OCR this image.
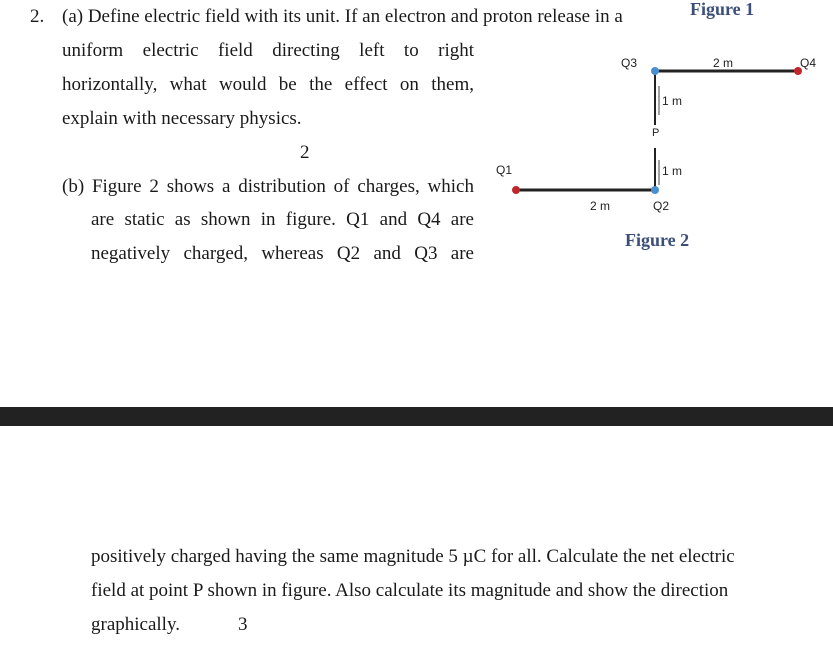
2. (a) Define electric field with its unit. If an electron and proton release in a
uniform electric field directing left to right
horizontally, what would be the effect on them,
explain with necessary physics.
2
(b) Figure 2 shows a distribution of charges, which
are static as shown in figure. Q1 and Q4 are
negatively charged, whereas Q2 and Q3 are
Figure 1
Figure 2
Q3	Q4
2 m
1 m
P
1 m
Q1
2 m	Q2
positively charged having the same magnitude 5 µC for all. Calculate the net electric
field at point P shown in figure. Also calculate its magnitude and show the direction
graphically.	3
